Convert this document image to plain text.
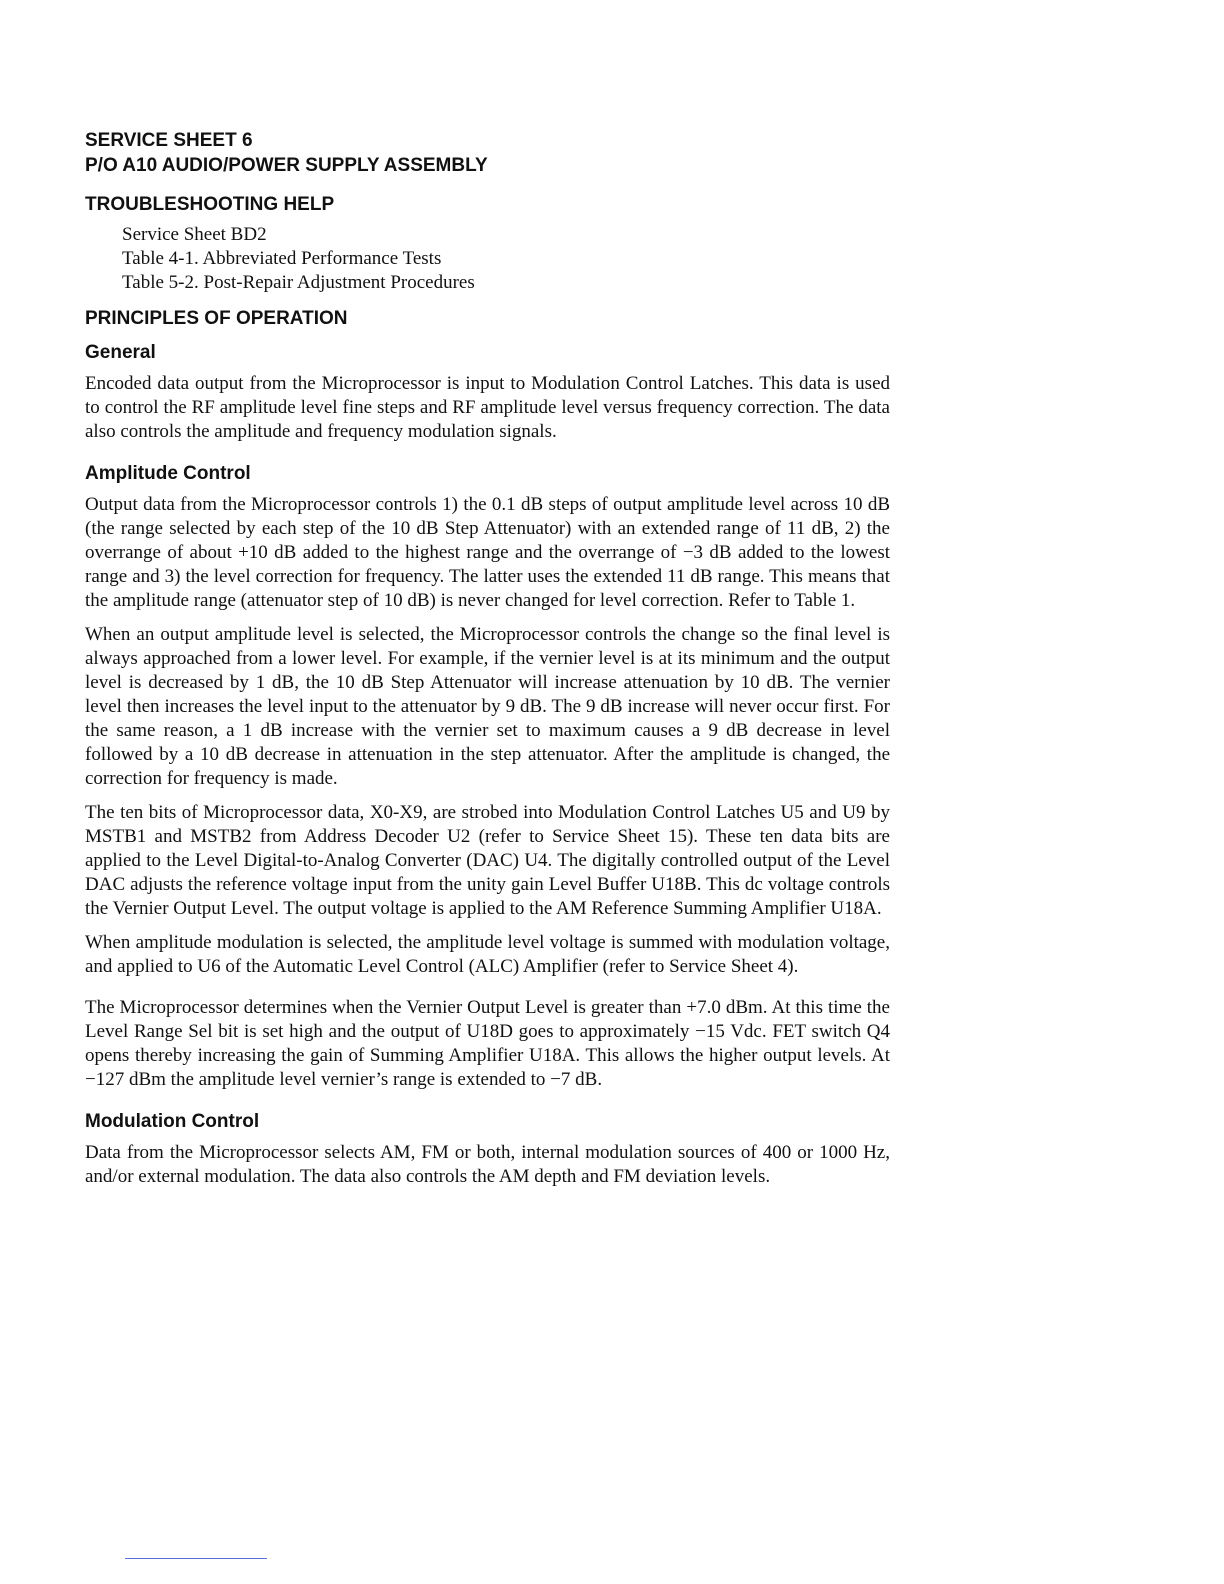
SERVICE SHEET 6
P/O A10 AUDIO/POWER SUPPLY ASSEMBLY
TROUBLESHOOTING HELP
Service Sheet BD2
Table 4-1. Abbreviated Performance Tests
Table 5-2. Post-Repair Adjustment Procedures
PRINCIPLES OF OPERATION
General

Encoded data output from the Microprocessor is input to Modulation Control Latches. This data is used to control the RF amplitude level fine steps and RF amplitude level versus frequency correction. The data also controls the amplitude and frequency modulation signals.

Amplitude Control

Output data from the Microprocessor controls 1) the 0.1 dB steps of output amplitude level across 10 dB (the range selected by each step of the 10 dB Step Attenuator) with an extended range of 11 dB, 2) the overrange of about +10 dB added to the highest range and the overrange of −3 dB added to the lowest range and 3) the level correction for frequency. The latter uses the extended 11 dB range. This means that the amplitude range (attenuator step of 10 dB) is never changed for level correction. Refer to Table 1.

When an output amplitude level is selected, the Microprocessor controls the change so the final level is always approached from a lower level. For example, if the vernier level is at its minimum and the output level is decreased by 1 dB, the 10 dB Step Attenuator will increase attenuation by 10 dB. The vernier level then increases the level input to the attenuator by 9 dB. The 9 dB increase will never occur first. For the same reason, a 1 dB increase with the vernier set to maximum causes a 9 dB decrease in level followed by a 10 dB decrease in attenuation in the step attenuator. After the amplitude is changed, the correction for frequency is made.

The ten bits of Microprocessor data, X0-X9, are strobed into Modulation Control Latches U5 and U9 by MSTB1 and MSTB2 from Address Decoder U2 (refer to Service Sheet 15). These ten data bits are applied to the Level Digital-to-Analog Converter (DAC) U4. The digitally controlled output of the Level DAC adjusts the reference voltage input from the unity gain Level Buffer U18B. This dc voltage controls the Vernier Output Level. The output voltage is applied to the AM Reference Summing Amplifier U18A.

When amplitude modulation is selected, the amplitude level voltage is summed with modulation voltage, and applied to U6 of the Automatic Level Control (ALC) Amplifier (refer to Service Sheet 4).

The Microprocessor determines when the Vernier Output Level is greater than +7.0 dBm. At this time the Level Range Sel bit is set high and the output of U18D goes to approximately −15 Vdc. FET switch Q4 opens thereby increasing the gain of Summing Amplifier U18A. This allows the higher output levels. At −127 dBm the amplitude level vernier’s range is extended to −7 dB.

Modulation Control

Data from the Microprocessor selects AM, FM or both, internal modulation sources of 400 or 1000 Hz, and/or external modulation. The data also controls the AM depth and FM deviation levels.
